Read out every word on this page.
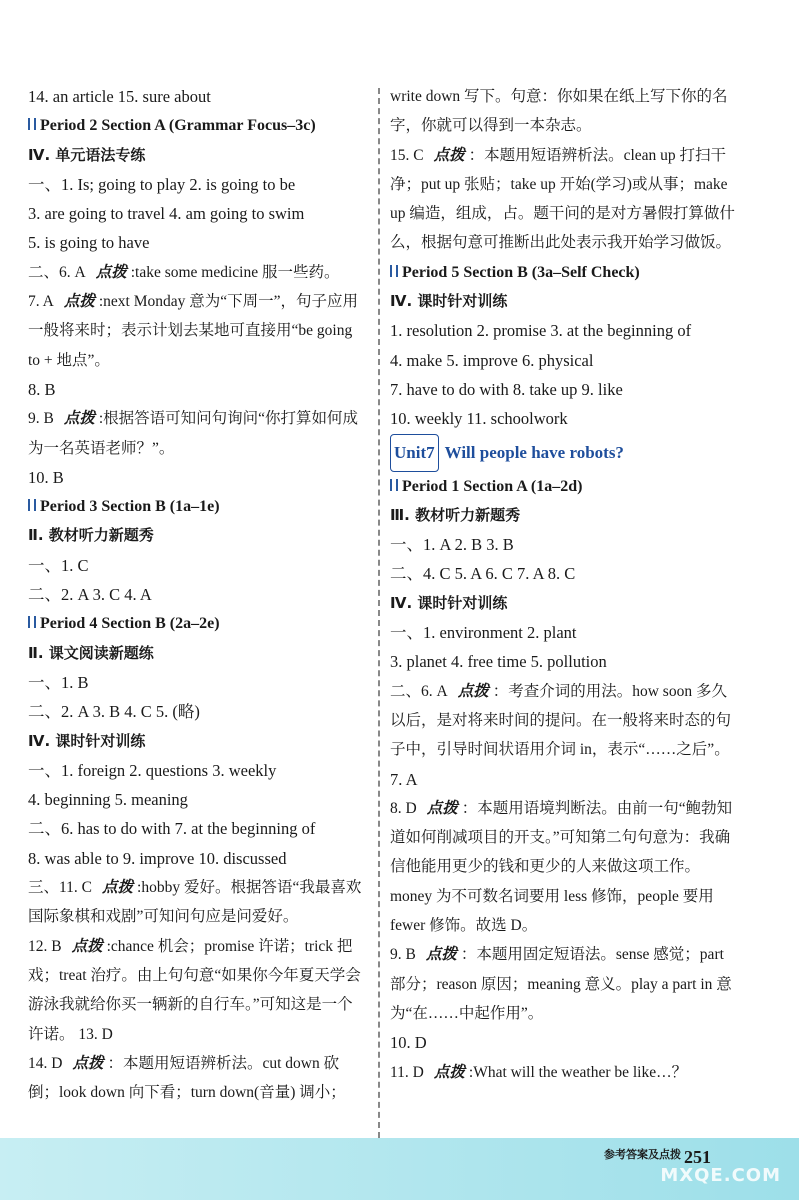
14. an article 15. sure about
Period 2 Section A (Grammar Focus–3c)
Ⅳ. 单元语法专练
一、1. Is; going to play 2. is going to be
3. are going to travel 4. am going to swim
5. is going to have
二、6. A 点拨 :take some medicine 服一些药。
7. A 点拨 :next Monday 意为“下周一”，句子应用一般将来时；表示计划去某地可直接用“be going to + 地点”。
8. B
9. B 点拨 :根据答语可知问句询问“你打算如何成为一名英语老师？”。
10. B
Period 3 Section B (1a–1e)
Ⅱ. 教材听力新题秀
一、1. C
二、2. A 3. C 4. A
Period 4 Section B (2a–2e)
Ⅱ. 课文阅读新题练
一、1. B
二、2. A 3. B 4. C 5. (略)
Ⅳ. 课时针对训练
一、1. foreign 2. questions 3. weekly
4. beginning 5. meaning
二、6. has to do with 7. at the beginning of
8. was able to 9. improve 10. discussed
三、11. C 点拨 :hobby 爱好。根据答语“我最喜欢国际象棋和戏剧”可知问句应是问爱好。
12. B 点拨 :chance 机会；promise 许诺；trick 把戏；treat 治疗。由上句句意“如果你今年夏天学会游泳我就给你买一辆新的自行车。”可知这是一个许诺。 13. D
14. D 点拨 ：本题用短语辨析法。cut down 砍倒；look down 向下看；turn down(音量) 调小；
write down 写下。句意：你如果在纸上写下你的名字，你就可以得到一本杂志。
15. C 点拨 ：本题用短语辨析法。clean up 打扫干净；put up 张贴；take up 开始(学习)或从事；make up 编造，组成，占。题干问的是对方暑假打算做什么，根据句意可推断出此处表示我开始学习做饭。
Period 5 Section B (3a–Self Check)
Ⅳ. 课时针对训练
1. resolution 2. promise 3. at the beginning of
4. make 5. improve 6. physical
7. have to do with 8. take up 9. like
10. weekly 11. schoolwork
Unit7 Will people have robots?
Period 1 Section A (1a–2d)
Ⅲ. 教材听力新题秀
一、1. A 2. B 3. B
二、4. C 5. A 6. C 7. A 8. C
Ⅳ. 课时针对训练
一、1. environment 2. plant
3. planet 4. free time 5. pollution
二、6. A 点拨 ：考查介词的用法。how soon 多久以后，是对将来时间的提问。在一般将来时态的句子中，引导时间状语用介词 in，表示“……之后”。
7. A
8. D 点拨 ：本题用语境判断法。由前一句“鲍勃知道如何削减项目的开支。”可知第二句句意为：我确信他能用更少的钱和更少的人来做这项工作。money 为不可数名词要用 less 修饰，people 要用 fewer 修饰。故选 D。
9. B 点拨 ：本题用固定短语法。sense 感觉；part 部分；reason 原因；meaning 意义。play a part in 意为“在……中起作用”。
10. D
11. D 点拨 :What will the weather be like…？
参考答案及点拨 251
MXQE.COM
